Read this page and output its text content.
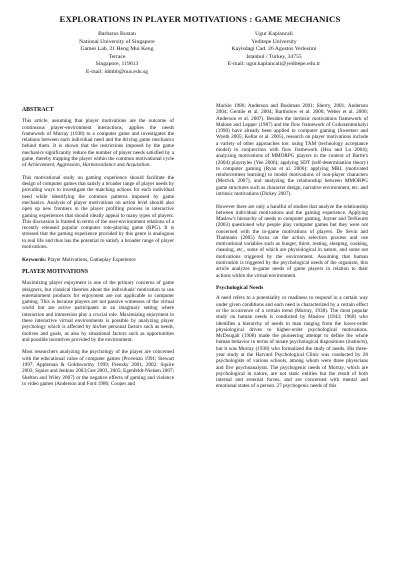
EXPLORATIONS IN PLAYER MOTIVATIONS : GAME MECHANICS
Barbaros Bostan
National University of Singapore
Games Lab, 21 Heng Mui Keng
Terrace
Singapore, 119613
E-mail: idmbb@nus.edu.sg
Ugur Kaplancali
Yeditepe University
Kayisdagi Cad. 26 Agustos Yerlesimi
Istanbul / Turkey, 34755
E-mail: ugur.kaplancali@yeditepe.edu.tr
ABSTRACT

This article, assuming that player motivations are the outcome of continuous player-environment interactions, applies the needs framework of Murray (1938) to a computer game and investigates the relations between each individual need and the driving game mechanics behind them. It is shown that the restrictions imposed by the game mechanics significantly reduce the number of player needs satisfied by a game, thereby trapping the player within the common motivational cycle of Achievement, Aggression, Harmavoidance and Acquisition.

This motivational study on gaming experience should facilitate the design of computer games that satisfy a broader range of player needs by providing ways to investigate the matching actions for each individual need while identifying the common patterns imposed by game mechanics. Analysis of player motivations on action level should also open up new frontiers in the player profiling process in interactive gaming experiences that should ideally appeal to many types of players. This discussion is framed in terms of the user-environment relations of a recently released popular computer role-playing game (RPG). It is stressed that the gaming experience provided by this genre is analogous to real life and thus has the potential to satisfy a broader range of player motivations.

Keywords: Player Motivations, Gameplay Experience

PLAYER MOTIVATIONS

Maximizing player enjoyment is one of the primary concerns of game designers, but classical theories about the individuals' motivation to use entertainment products for enjoyment are not applicable to computer gaming. This is because players are not passive witnesses of the virtual world but are active participants in an imaginary setting where interaction and immersion play a crucial role. Maximizing enjoyment in these interactive virtual environments is possible by analyzing player psychology which is affected by his/her personal factors such as needs, motives and goals, as also by situational factors such as opportunities and possible incentives provided by the environment.

Most researchers analyzing the psychology of the player are concerned with the educational value of computer games (Provenzo 1991; Stewart 1997; Appleman & Goldsworthy 1999; Prensky 2001, 2002; Squire 2003; Squire and Jenkins 2003;Gee 2003, 2005; Egenfeldt-Nielsen 2007; Shelton and Wiley 2007) or the negative effects of gaming and violence in video games (Anderson and Ford 1986; Cooper and

Mackie 1986; Anderson and Bushman 2001; Sherry, 2001; Anderson 2004; Gentile et al. 2004; Bartholow et al. 2006; Weber et al. 2006; Anderson et al. 2007). Besides the intrinsic motivations framework of Malone and Lepper (1987) and the flow framework of Csikszentmihalyi (1990) have already been applied to computer gaming (Sweetser and Wyeth 2005; Kellar et al. 2005), research on player motivations include a variety of other approaches too: using TAM (technology acceptance model) in conjunction with flow framework (Hsu and Lu 2004); analyzing motivations of MMORPG players in the context of Bartle's (2004) playstyles (Yee 2006); applying SDT (self-determination theory) to computer gaming (Ryan et al. 2006); applying MRL (motivated reinforcement learning) to model motivations of non-player characters (Merrick 2007), and analyzing the relationship between MMORPG game structures such as character design, narrative environment, etc. and intrinsic motivations (Dickey 2007).

However there are only a handful of studies that analyze the relationship between individual motivations and the gaming experience. Applying Maslow's hierarchy of needs to computer gaming, Joyner and TerKeurst (2003) questioned why people play computer games but they were not concerned with the in-game motivations of players. De Sevin and Thalmann (2005) focus on the action selection process and use motivational variables such as hunger, thirst, resting, sleeping, cooking, cleaning, etc., some of which are physiological in nature, and some not motivations triggered by the environment. Assuming that human motivation is triggered by the psychological needs of the organism, this article analyzes in-game needs of game players in relation to their actions within the virtual environment.

Psychological Needs

A need refers to a potentiality or readiness to respond in a certain way under given conditions and each need is characterized by a certain effect or the occurrence of a certain trend (Murray, 1938). The most popular study on human needs is conducted by Maslow (1943; 1968) who identifies a hierarchy of needs in man ranging from the lower-order physiological drives to higher-order psychological motivations. McDougall (1908) made the pioneering attempt to define the whole human behavior in terms of innate psychological dispositions (instincts), but it was Murray (1938) who formalized the study of needs. His three-year study at the Harvard Psychological Clinic was conducted by 28 psychologists of various schools, among whom were three physicians and five psychoanalysts. The psychogenic needs of Murray, which are psychological in nature, are not static entities but the result of both internal and external forces, and are concerned with mental and emotional states of a person. 27 psychogenic needs of this
